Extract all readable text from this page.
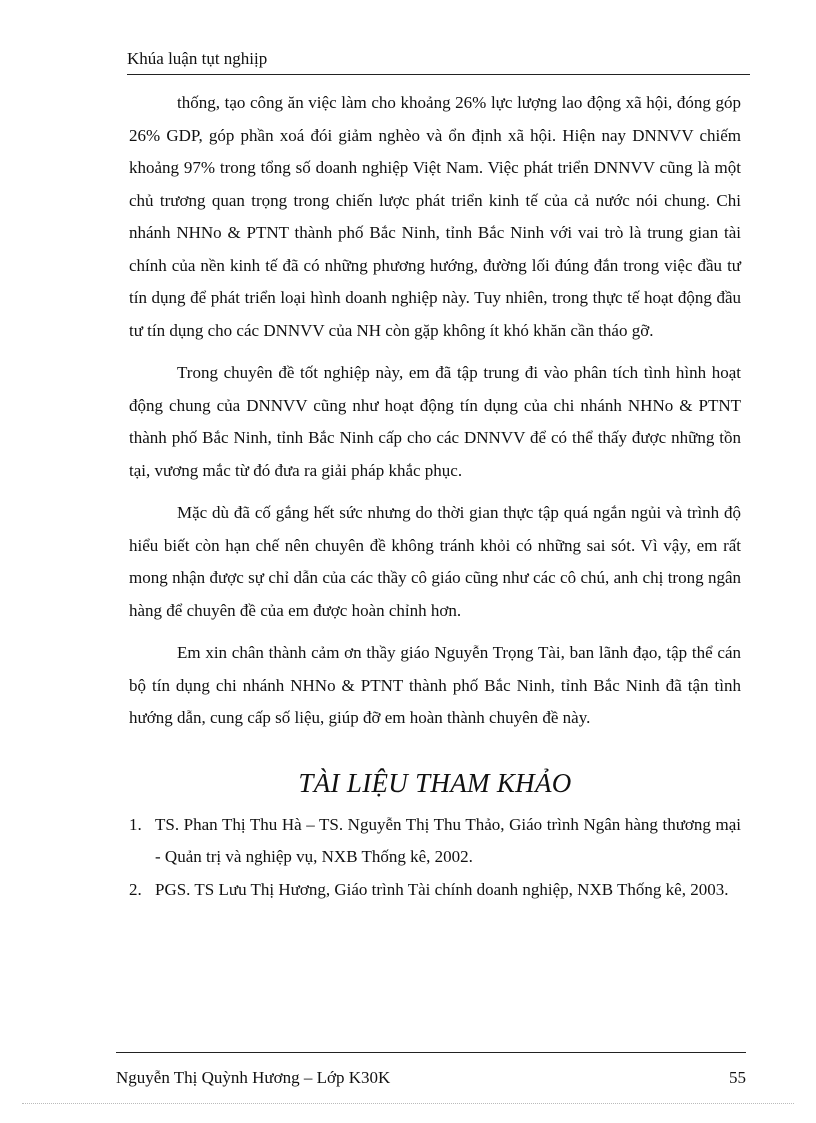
Khúa luận tụt nghiịp

thống, tạo công ăn việc làm cho khoảng 26% lực lượng lao động xã hội, đóng góp 26% GDP, góp phần xoá đói giảm nghèo và ổn định xã hội. Hiện nay DNNVV chiếm khoảng 97% trong tổng số doanh nghiệp Việt Nam. Việc phát triển DNNVV cũng là một chủ trương quan trọng trong chiến lược phát triển kinh tế của cả nước nói chung. Chi nhánh NHNo & PTNT thành phố Bắc Ninh, tỉnh Bắc Ninh với vai trò là trung gian tài chính của nền kinh tế đã có những phương hướng, đường lối đúng đắn trong việc đầu tư tín dụng để phát triển loại hình doanh nghiệp này. Tuy nhiên, trong thực tế hoạt động đầu tư tín dụng cho các DNNVV của NH còn gặp không ít khó khăn cần tháo gỡ.

Trong chuyên đề tốt nghiệp này, em đã tập trung đi vào phân tích tình hình hoạt động chung của DNNVV cũng như hoạt động tín dụng của chi nhánh NHNo & PTNT thành phố Bắc Ninh, tỉnh Bắc Ninh cấp cho các DNNVV để có thể thấy được những tồn tại, vương mắc từ đó đưa ra giải pháp khắc phục.

Mặc dù đã cố gắng hết sức nhưng do thời gian thực tập quá ngắn ngủi và trình độ hiểu biết còn hạn chế nên chuyên đề không tránh khỏi có những sai sót. Vì vậy, em rất mong nhận được sự chỉ dẫn của các thầy cô giáo cũng như các cô chú, anh chị trong ngân hàng để chuyên đề của em được hoàn chỉnh hơn.

Em xin chân thành cảm ơn thầy giáo Nguyễn Trọng Tài, ban lãnh đạo, tập thể cán bộ tín dụng chi nhánh NHNo & PTNT thành phố Bắc Ninh, tỉnh Bắc Ninh đã tận tình hướng dẫn, cung cấp số liệu, giúp đỡ em hoàn thành chuyên đề này.

TÀI LIỆU THAM KHẢO
1. TS. Phan Thị Thu Hà – TS. Nguyễn Thị Thu Thảo, Giáo trình Ngân hàng thương mại - Quản trị và nghiệp vụ, NXB Thống kê, 2002.
2. PGS. TS Lưu Thị Hương, Giáo trình Tài chính doanh nghiệp, NXB Thống kê, 2003.
Nguyễn Thị Quỳnh Hương – Lớp K30K	55
